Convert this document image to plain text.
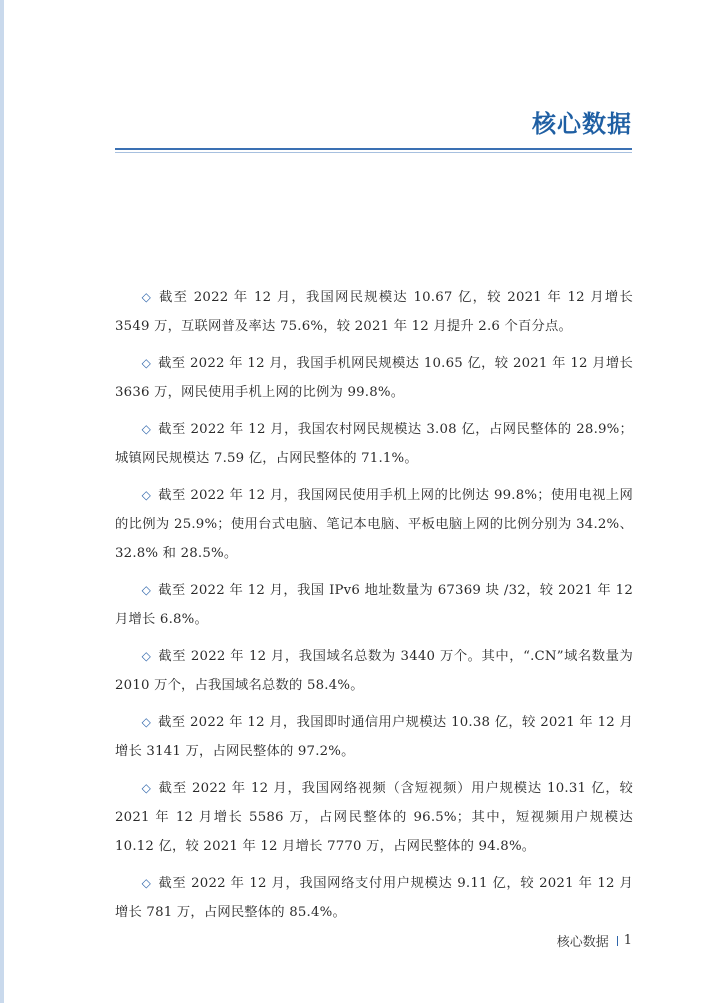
核心数据

◇ 截至 2022 年 12 月，我国网民规模达 10.67 亿，较 2021 年 12 月增长 3549 万，互联网普及率达 75.6%，较 2021 年 12 月提升 2.6 个百分点。

◇ 截至 2022 年 12 月，我国手机网民规模达 10.65 亿，较 2021 年 12 月增长 3636 万，网民使用手机上网的比例为 99.8%。

◇ 截至 2022 年 12 月，我国农村网民规模达 3.08 亿，占网民整体的 28.9%；城镇网民规模达 7.59 亿，占网民整体的 71.1%。

◇ 截至 2022 年 12 月，我国网民使用手机上网的比例达 99.8%；使用电视上网的比例为 25.9%；使用台式电脑、笔记本电脑、平板电脑上网的比例分别为 34.2%、32.8% 和 28.5%。

◇ 截至 2022 年 12 月，我国 IPv6 地址数量为 67369 块 /32，较 2021 年 12 月增长 6.8%。

◇ 截至 2022 年 12 月，我国域名总数为 3440 万个。其中，“.CN”域名数量为 2010 万个，占我国域名总数的 58.4%。

◇ 截至 2022 年 12 月，我国即时通信用户规模达 10.38 亿，较 2021 年 12 月增长 3141 万，占网民整体的 97.2%。

◇ 截至 2022 年 12 月，我国网络视频（含短视频）用户规模达 10.31 亿，较 2021 年 12 月增长 5586 万，占网民整体的 96.5%；其中，短视频用户规模达 10.12 亿，较 2021 年 12 月增长 7770 万，占网民整体的 94.8%。

◇ 截至 2022 年 12 月，我国网络支付用户规模达 9.11 亿，较 2021 年 12 月增长 781 万，占网民整体的 85.4%。

核心数据 1
